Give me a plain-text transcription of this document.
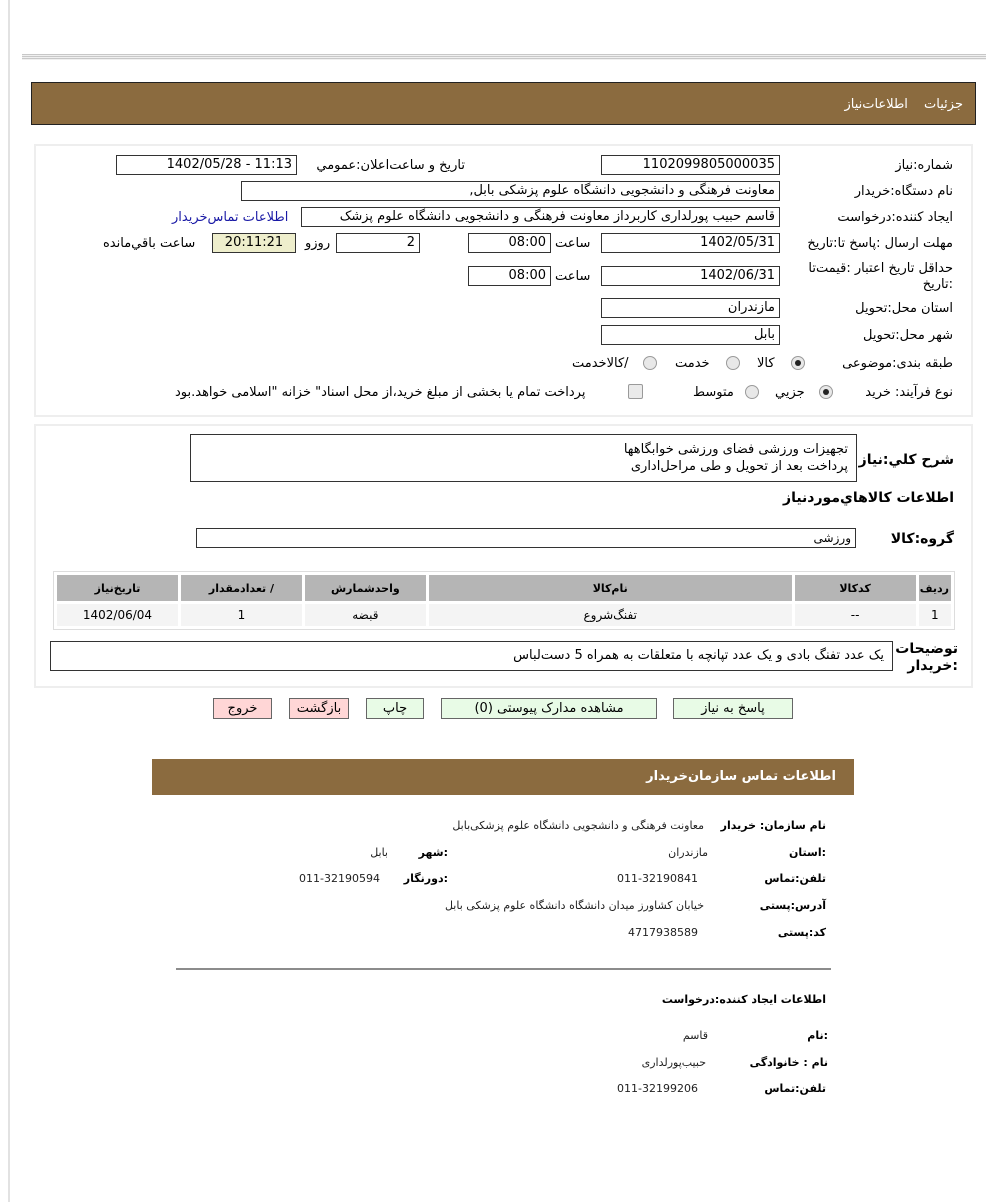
جزئیات اطلاعات‌نیاز
شماره:نیاز
1102099805000035
تاريخ و ساعت‌اعلان:عمومي
1402/05/28 - 11:13
نام دستگاه:خريدار
معاونت فرهنگی و دانشجویی دانشگاه علوم پزشکی بابل,
ايجاد كننده:درخواست
قاسم حبیب پورلداری کاربرداز معاونت فرهنگی و دانشجویی دانشگاه علوم پزشک
اطلاعات تماس‌خريدار
مهلت ارسال :پاسخ تا:تاريخ
1402/05/31
ساعت
08:00
2
روزو
20:11:21
ساعت باقي‌مانده
حداقل تاريخ اعتبار :قيمت‌تا
:تاريخ
1402/06/31
ساعت
08:00
استان محل:تحويل
مازندران
شهر محل:تحويل
بابل
طبقه بندی:موضوعی
کالا
خدمت
/کالاخدمت
نوع فرآیند: خرید
جزيي
متوسط
پرداخت تمام یا بخشی از مبلغ خرید،از محل اسناد" خزانه "اسلامی خواهد.بود
شرح كلي:نياز
تجهیزات ورزشی فضای ورزشی خوابگاهها
پرداخت بعد از تحویل و طی مراحل‌اداری
اطلاعات كالاهاي‌موردنياز
گروه:کالا
ورزشی
رديف	کدکالا	نام‌کالا	واحدشمارش	/ تعدادمقدار	تاريخ‌نياز
1	--	تفنگ‌شروع	قبضه	1	1402/06/04
توضيحات
:خريدار
یک عدد تفنگ بادی و یک عدد تپانچه با متعلقات به همراه 5 دست‌لباس
پاسخ به نیاز
مشاهده مدارک پیوستی (0)
چاپ
بازگشت
خروج
اطلاعات تماس سازمان‌خریدار
نام سازمان: خریدار
معاونت فرهنگی و دانشجویی دانشگاه علوم پزشکی‌بابل
:استان
مازندران
:شهر
بابل
تلفن:تماس
011-32190841
:دورنگار
011-32190594
آدرس:پستی
خیابان کشاورز میدان دانشگاه دانشگاه علوم پزشکی بابل
کد:پستی
4717938589
اطلاعات ایجاد کننده:درخواست
:نام
قاسم
نام : خانوادگی
حبیب‌پورلداری
تلفن:تماس
011-32199206
